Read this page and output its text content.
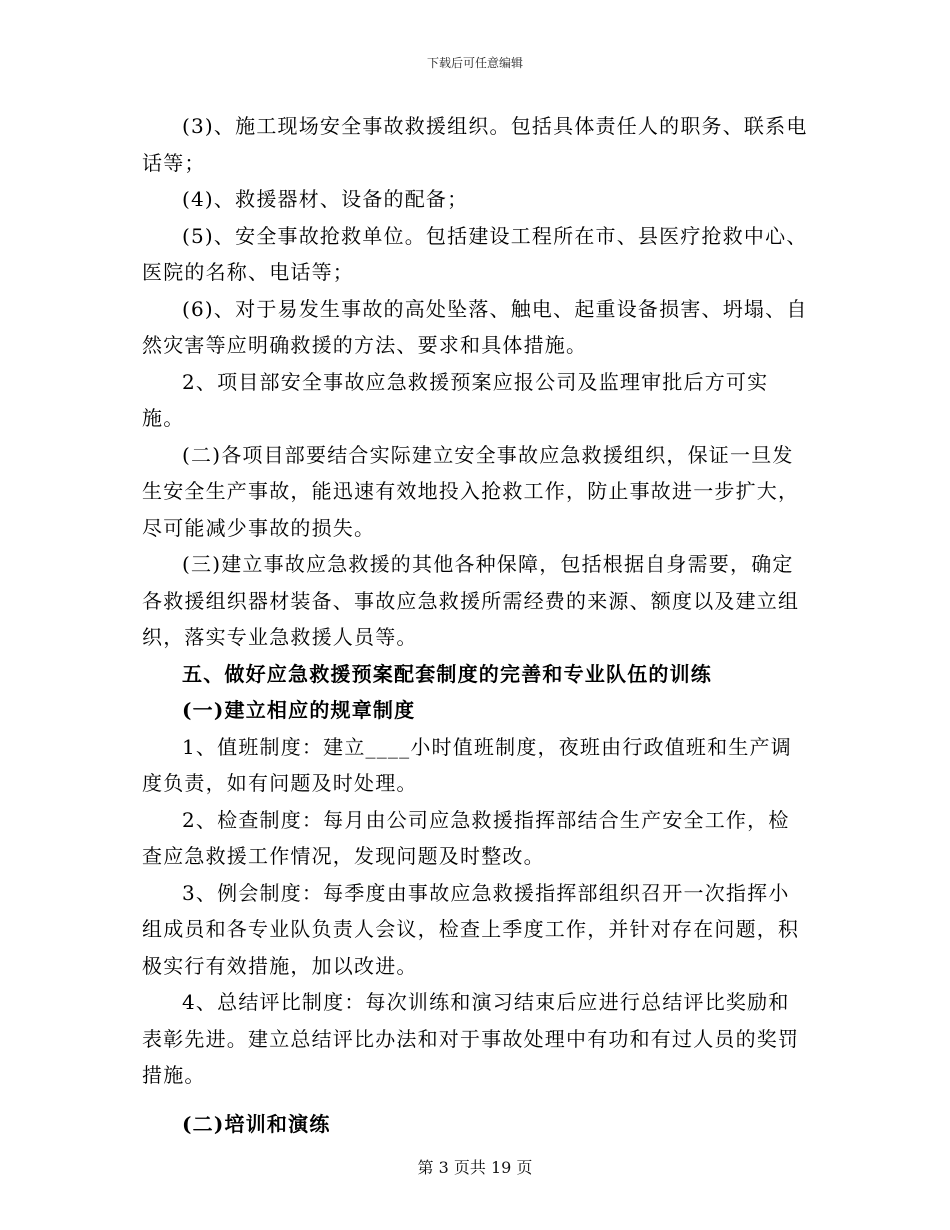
下载后可任意编辑

(3)、施工现场安全事故救援组织。包括具体责任人的职务、联系电话等；

(4)、救援器材、设备的配备；

(5)、安全事故抢救单位。包括建设工程所在市、县医疗抢救中心、医院的名称、电话等；

(6)、对于易发生事故的高处坠落、触电、起重设备损害、坍塌、自然灾害等应明确救援的方法、要求和具体措施。

2、项目部安全事故应急救援预案应报公司及监理审批后方可实施。

(二)各项目部要结合实际建立安全事故应急救援组织，保证一旦发生安全生产事故，能迅速有效地投入抢救工作，防止事故进一步扩大，尽可能减少事故的损失。

(三)建立事故应急救援的其他各种保障，包括根据自身需要，确定各救援组织器材装备、事故应急救援所需经费的来源、额度以及建立组织，落实专业急救援人员等。

五、做好应急救援预案配套制度的完善和专业队伍的训练

(一)建立相应的规章制度

1、值班制度：建立____小时值班制度，夜班由行政值班和生产调度负责，如有问题及时处理。

2、检查制度：每月由公司应急救援指挥部结合生产安全工作，检查应急救援工作情况，发现问题及时整改。

3、例会制度：每季度由事故应急救援指挥部组织召开一次指挥小组成员和各专业队负责人会议，检查上季度工作，并针对存在问题，积极实行有效措施，加以改进。

4、总结评比制度：每次训练和演习结束后应进行总结评比奖励和表彰先进。建立总结评比办法和对于事故处理中有功和有过人员的奖罚措施。

(二)培训和演练

第 3 页共 19 页
